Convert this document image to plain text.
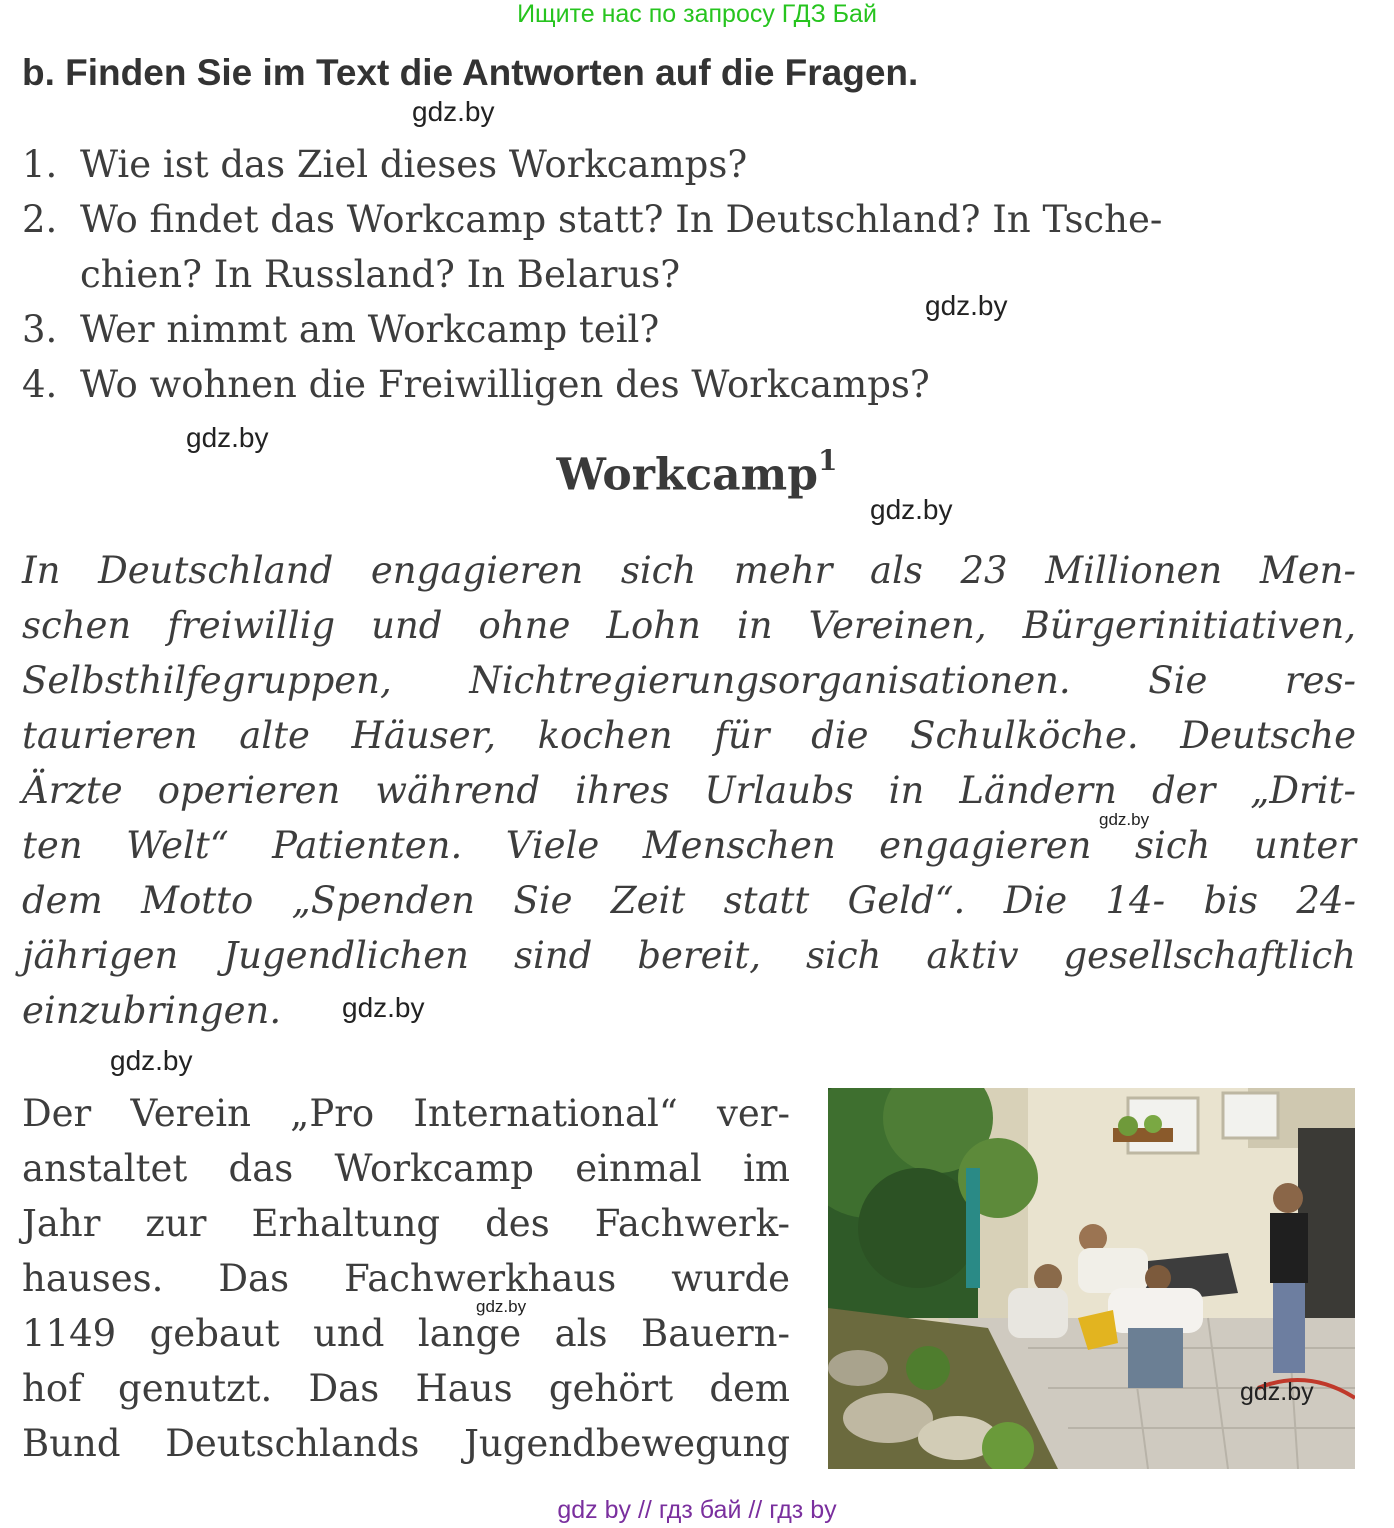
Ищите нас по запросу ГДЗ Бай
b. Finden Sie im Text die Antworten auf die Fragen.
gdz.by
1. Wie ist das Ziel dieses Workcamps?
2. Wo findet das Workcamp statt? In Deutschland? In Tsche-
chien? In Russland? In Belarus?
3. Wer nimmt am Workcamp teil?
4. Wo wohnen die Freiwilligen des Workcamps?
gdz.by
gdz.by
Workcamp$^1$
gdz.by
In Deutschland engagieren sich mehr als 23 Millionen Men-
schen freiwillig und ohne Lohn in Vereinen, Bürgerinitiativen,
Selbsthilfegruppen, Nichtregierungsorganisationen. Sie res-
taurieren alte Häuser, kochen für die Schulköche. Deutsche
Ärzte operieren während ihres Urlaubs in Ländern der „Drit-
ten Welt“ Patienten. Viele Menschen engagieren sich unter
dem Motto „Spenden Sie Zeit statt Geld“. Die 14- bis 24-
jährigen Jugendlichen sind bereit, sich aktiv gesellschaftlich
einzubringen.
gdz.by
gdz.by
gdz.by
Der Verein „Pro International“ ver-
anstaltet das Workcamp einmal im
Jahr zur Erhaltung des Fachwerk-
hauses. Das Fachwerkhaus wurde
1149 gebaut und lange als Bauern-
hof genutzt. Das Haus gehört dem
Bund Deutschlands Jugendbewegung
gdz.by
gdz.by
gdz by // гдз бай // гдз by
